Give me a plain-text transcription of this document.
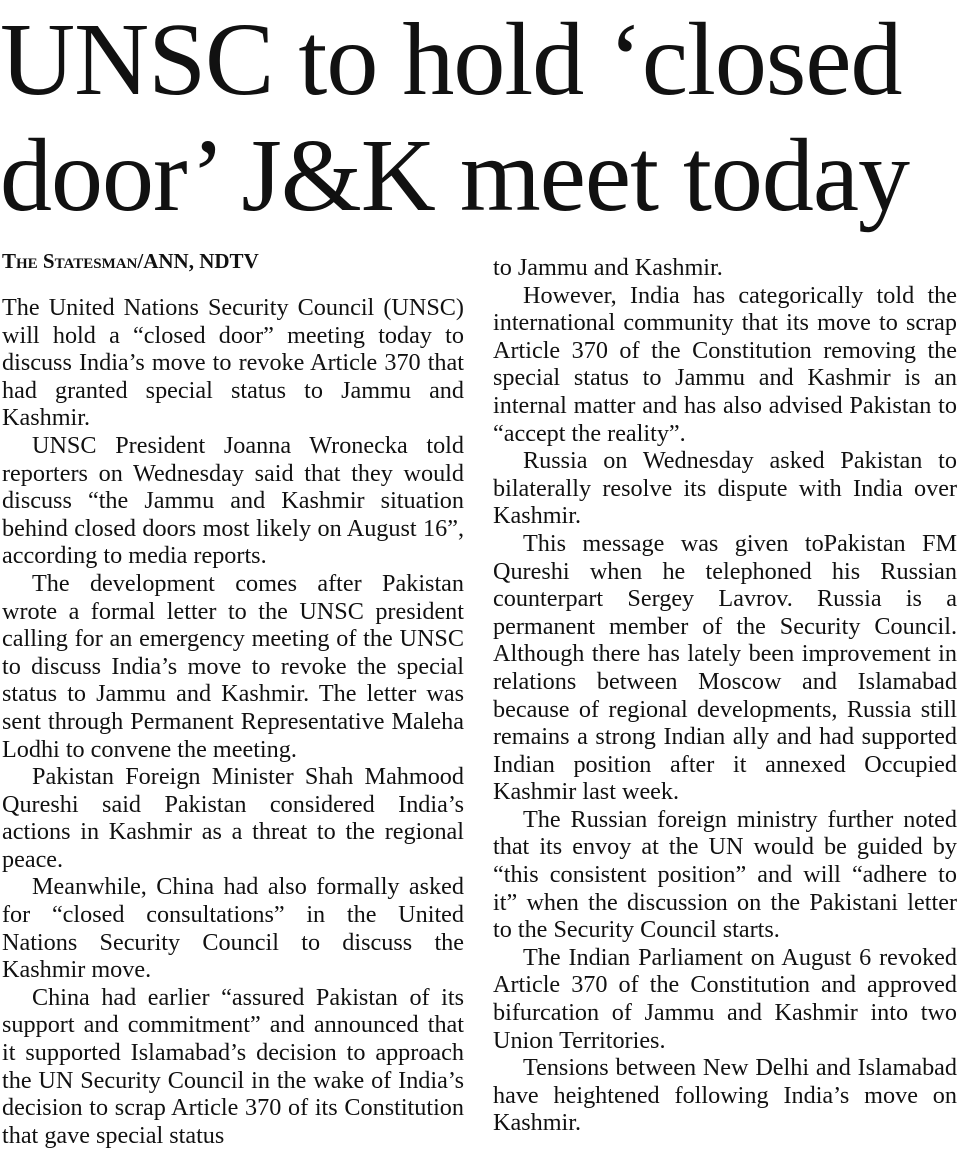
UNSC to hold ‘closed
door’ J&K meet today
The Statesman/ANN, NDTV

The United Nations Security Council (UNSC) will hold a “closed door” meeting today to discuss India’s move to revoke Article 370 that had granted special status to Jammu and Kashmir.

UNSC President Joanna Wronecka told reporters on Wednesday said that they would discuss “the Jammu and Kashmir situation behind closed doors most likely on August 16”, according to media reports.

The development comes after Pakistan wrote a formal letter to the UNSC president calling for an emergency meeting of the UNSC to discuss India’s move to revoke the special status to Jammu and Kashmir. The letter was sent through Permanent Representative Maleha Lodhi to convene the meeting.

Pakistan Foreign Minister Shah Mahmood Qureshi said Pakistan considered India’s actions in Kashmir as a threat to the regional peace.

Meanwhile, China had also formally asked for “closed consultations” in the United Nations Security Council to discuss the Kashmir move.

China had earlier “assured Pakistan of its support and commitment” and announced that it supported Islamabad’s decision to approach the UN Security Council in the wake of India’s decision to scrap Article 370 of its Constitution that gave special status

to Jammu and Kashmir.

However, India has categorically told the international community that its move to scrap Article 370 of the Constitution removing the special status to Jammu and Kashmir is an internal matter and has also advised Pakistan to “accept the reality”.

Russia on Wednesday asked Pakistan to bilaterally resolve its dispute with India over Kashmir.

This message was given toPakistan FM Qureshi when he telephoned his Russian counterpart Sergey Lavrov. Russia is a permanent member of the Security Council. Although there has lately been improvement in relations between Moscow and Islamabad because of regional developments, Russia still remains a strong Indian ally and had supported Indian position after it annexed Occupied Kashmir last week.

The Russian foreign ministry further noted that its envoy at the UN would be guided by “this consistent position” and will “adhere to it” when the discussion on the Pakistani letter to the Security Council starts.

The Indian Parliament on August 6 revoked Article 370 of the Constitution and approved bifurcation of Jammu and Kashmir into two Union Territories.

Tensions between New Delhi and Islamabad have heightened following India’s move on Kashmir.
